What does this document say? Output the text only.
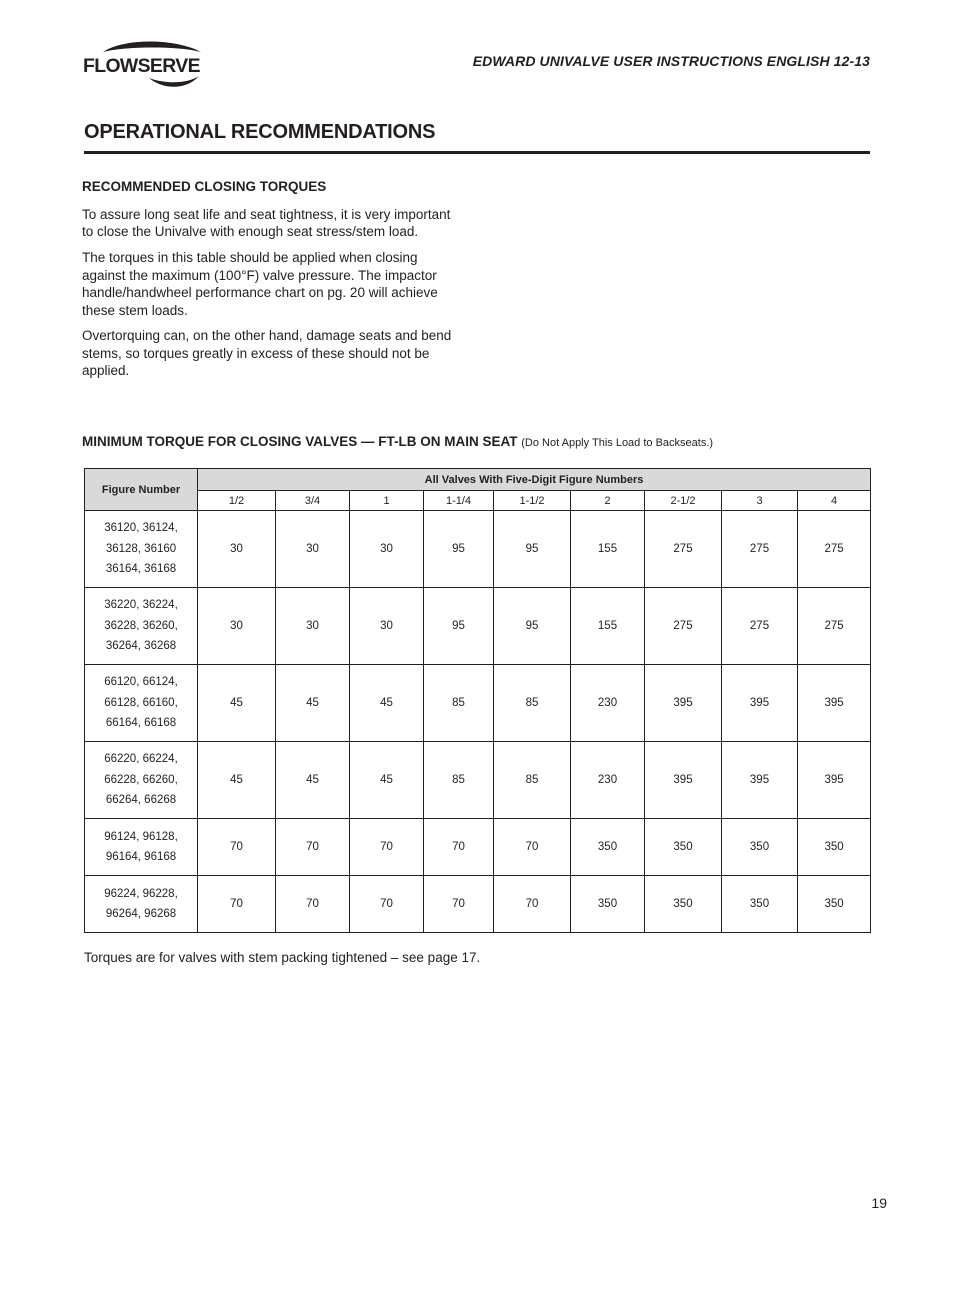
FLOWSERVE	EDWARD UNIVALVE USER INSTRUCTIONS ENGLISH 12-13
OPERATIONAL RECOMMENDATIONS
RECOMMENDED CLOSING TORQUES

To assure long seat life and seat tightness, it is very important to close the Univalve with enough seat stress/stem load.

The torques in this table should be applied when closing against the maximum (100°F) valve pressure. The impactor handle/handwheel performance chart on pg. 20 will achieve these stem loads.

Overtorquing can, on the other hand, damage seats and bend stems, so torques greatly in excess of these should not be applied.

MINIMUM TORQUE FOR CLOSING VALVES — FT-LB ON MAIN SEAT (Do Not Apply This Load to Backseats.)
Figure Number	All Valves With Five-Digit Figure Numbers								
	1/2	3/4	1	1-1/4	1-1/2	2	2-1/2	3	4

36120, 36124,
36128, 36160
36164, 36168	30	30	30	95	95	155	275	275	275

36220, 36224,
36228, 36260,
36264, 36268	30	30	30	95	95	155	275	275	275

66120, 66124,
66128, 66160,
66164, 66168	45	45	45	85	85	230	395	395	395

66220, 66224,
66228, 66260,
66264, 66268	45	45	45	85	85	230	395	395	395

96124, 96128,
96164, 96168	70	70	70	70	70	350	350	350	350

96224, 96228,
96264, 96268	70	70	70	70	70	350	350	350	350
Torques are for valves with stem packing tightened – see page 17.
19
